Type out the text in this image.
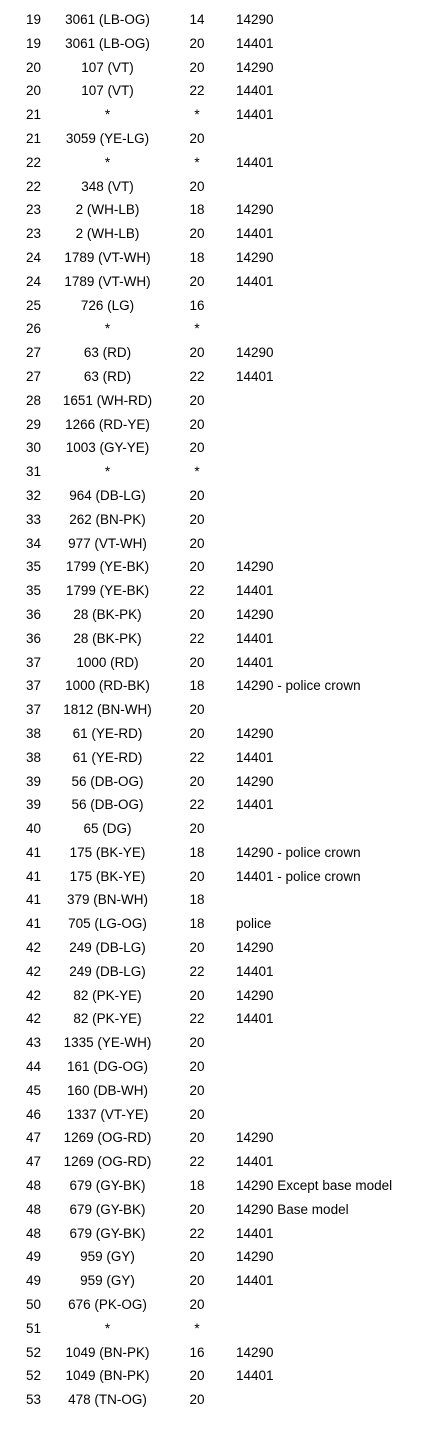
19	3061 (LB-OG)	14	14290
19	3061 (LB-OG)	20	14401
20	107 (VT)	20	14290
20	107 (VT)	22	14401
21	*	*	14401
21	3059 (YE-LG)	20
22	*	*	14401
22	348 (VT)	20
23	2 (WH-LB)	18	14290
23	2 (WH-LB)	20	14401
24	1789 (VT-WH)	18	14290
24	1789 (VT-WH)	20	14401
25	726 (LG)	16
26	*	*
27	63 (RD)	20	14290
27	63 (RD)	22	14401
28	1651 (WH-RD)	20
29	1266 (RD-YE)	20
30	1003 (GY-YE)	20
31	*	*
32	964 (DB-LG)	20
33	262 (BN-PK)	20
34	977 (VT-WH)	20
35	1799 (YE-BK)	20	14290
35	1799 (YE-BK)	22	14401
36	28 (BK-PK)	20	14290
36	28 (BK-PK)	22	14401
37	1000 (RD)	20	14401
37	1000 (RD-BK)	18	14290 - police crown
37	1812 (BN-WH)	20
38	61 (YE-RD)	20	14290
38	61 (YE-RD)	22	14401
39	56 (DB-OG)	20	14290
39	56 (DB-OG)	22	14401
40	65 (DG)	20
41	175 (BK-YE)	18	14290 - police crown
41	175 (BK-YE)	20	14401 - police crown
41	379 (BN-WH)	18
41	705 (LG-OG)	18	police
42	249 (DB-LG)	20	14290
42	249 (DB-LG)	22	14401
42	82 (PK-YE)	20	14290
42	82 (PK-YE)	22	14401
43	1335 (YE-WH)	20
44	161 (DG-OG)	20
45	160 (DB-WH)	20
46	1337 (VT-YE)	20
47	1269 (OG-RD)	20	14290
47	1269 (OG-RD)	22	14401
48	679 (GY-BK)	18	14290 Except base model
48	679 (GY-BK)	20	14290 Base model
48	679 (GY-BK)	22	14401
49	959 (GY)	20	14290
49	959 (GY)	20	14401
50	676 (PK-OG)	20
51	*	*
52	1049 (BN-PK)	16	14290
52	1049 (BN-PK)	20	14401
53	478 (TN-OG)	20
